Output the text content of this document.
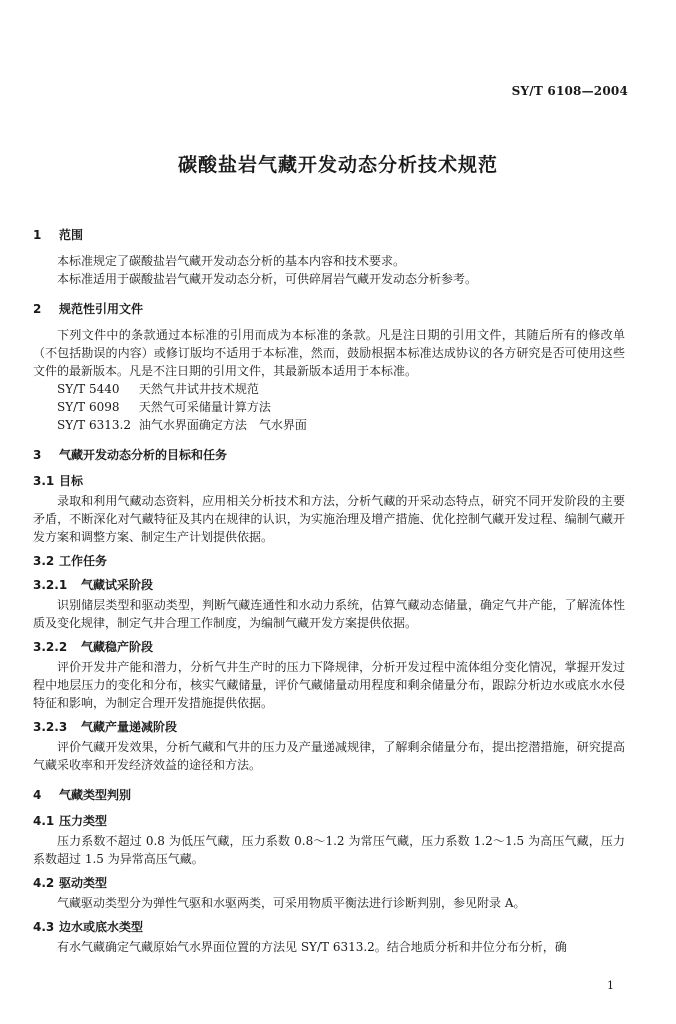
SY/T 6108—2004
碳酸盐岩气藏开发动态分析技术规范
1 范围
本标准规定了碳酸盐岩气藏开发动态分析的基本内容和技术要求。
本标准适用于碳酸盐岩气藏开发动态分析，可供碎屑岩气藏开发动态分析参考。
2 规范性引用文件
下列文件中的条款通过本标准的引用而成为本标准的条款。凡是注日期的引用文件，其随后所有的修改单（不包括勘误的内容）或修订版均不适用于本标准，然而，鼓励根据本标准达成协议的各方研究是否可使用这些文件的最新版本。凡是不注日期的引用文件，其最新版本适用于本标准。
SY/T 5440 天然气井试井技术规范
SY/T 6098 天然气可采储量计算方法
SY/T 6313.2 油气水界面确定方法　气水界面
3 气藏开发动态分析的目标和任务
3.1 目标
录取和利用气藏动态资料，应用相关分析技术和方法，分析气藏的开采动态特点，研究不同开发阶段的主要矛盾，不断深化对气藏特征及其内在规律的认识，为实施治理及增产措施、优化控制气藏开发过程、编制气藏开发方案和调整方案、制定生产计划提供依据。
3.2 工作任务
3.2.1 气藏试采阶段
识别储层类型和驱动类型，判断气藏连通性和水动力系统，估算气藏动态储量，确定气井产能，了解流体性质及变化规律，制定气井合理工作制度，为编制气藏开发方案提供依据。
3.2.2 气藏稳产阶段
评价开发井产能和潜力，分析气井生产时的压力下降规律，分析开发过程中流体组分变化情况，掌握开发过程中地层压力的变化和分布，核实气藏储量，评价气藏储量动用程度和剩余储量分布，跟踪分析边水或底水水侵特征和影响，为制定合理开发措施提供依据。
3.2.3 气藏产量递减阶段
评价气藏开发效果，分析气藏和气井的压力及产量递减规律，了解剩余储量分布，提出挖潜措施，研究提高气藏采收率和开发经济效益的途径和方法。
4 气藏类型判别
4.1 压力类型
压力系数不超过 0.8 为低压气藏，压力系数 0.8～1.2 为常压气藏，压力系数 1.2～1.5 为高压气藏，压力系数超过 1.5 为异常高压气藏。
4.2 驱动类型
气藏驱动类型分为弹性气驱和水驱两类，可采用物质平衡法进行诊断判别，参见附录 A。
4.3 边水或底水类型
有水气藏确定气藏原始气水界面位置的方法见 SY/T 6313.2。结合地质分析和井位分布分析，确
1
